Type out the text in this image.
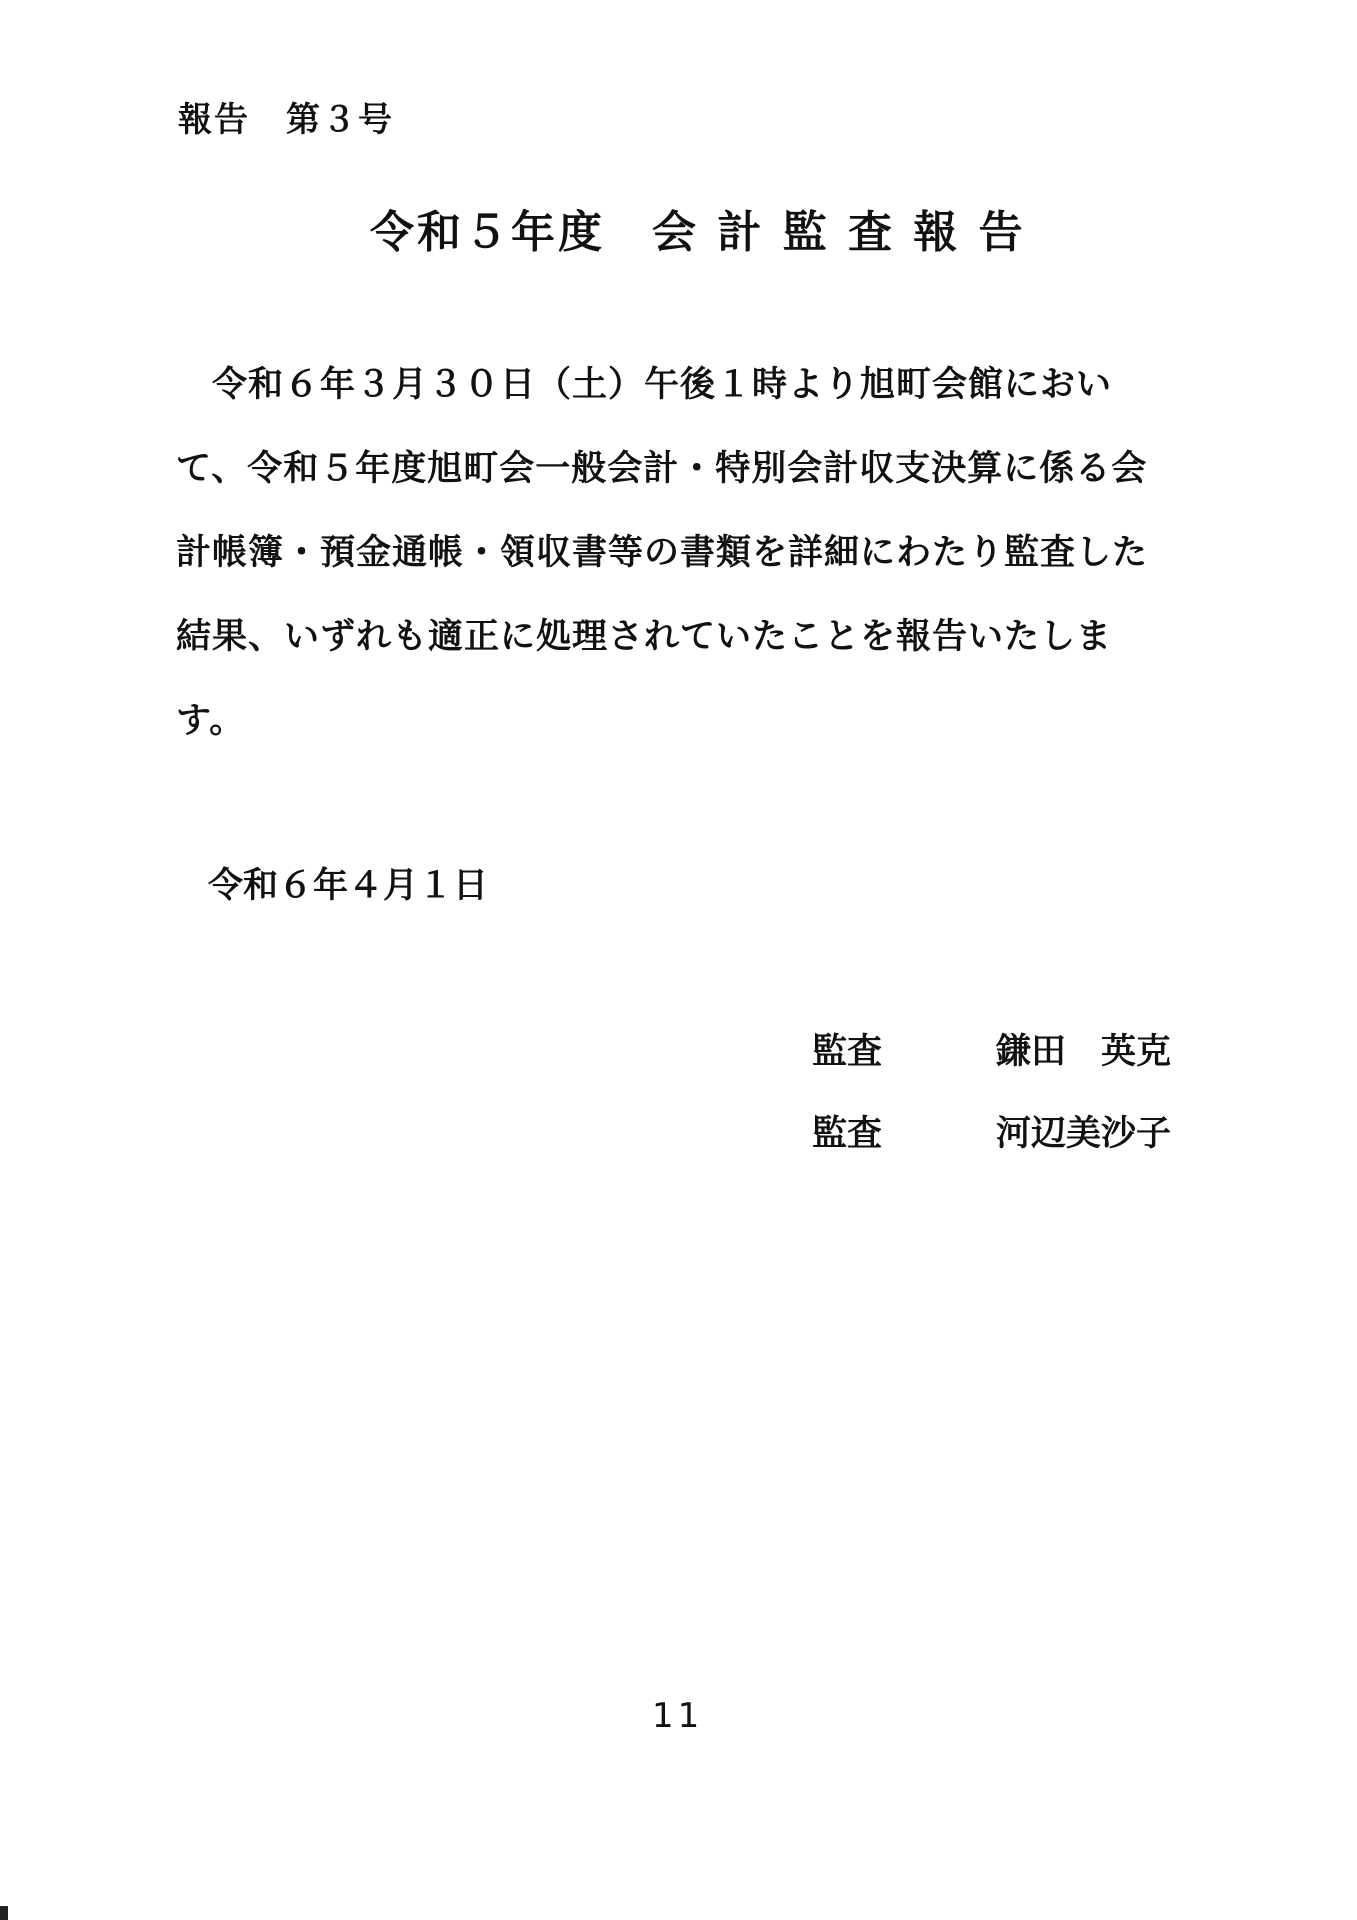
報告　第３号
令和５年度　会 計 監 査 報 告
　令和６年３月３０日（土）午後１時より旭町会館におい
て、令和５年度旭町会一般会計・特別会計収支決算に係る会
計帳簿・預金通帳・領収書等の書類を詳細にわたり監査した
結果、いずれも適正に処理されていたことを報告いたしま
す。
令和６年４月１日

監査

	鎌田　英克

監査

	河辺美沙子

11
